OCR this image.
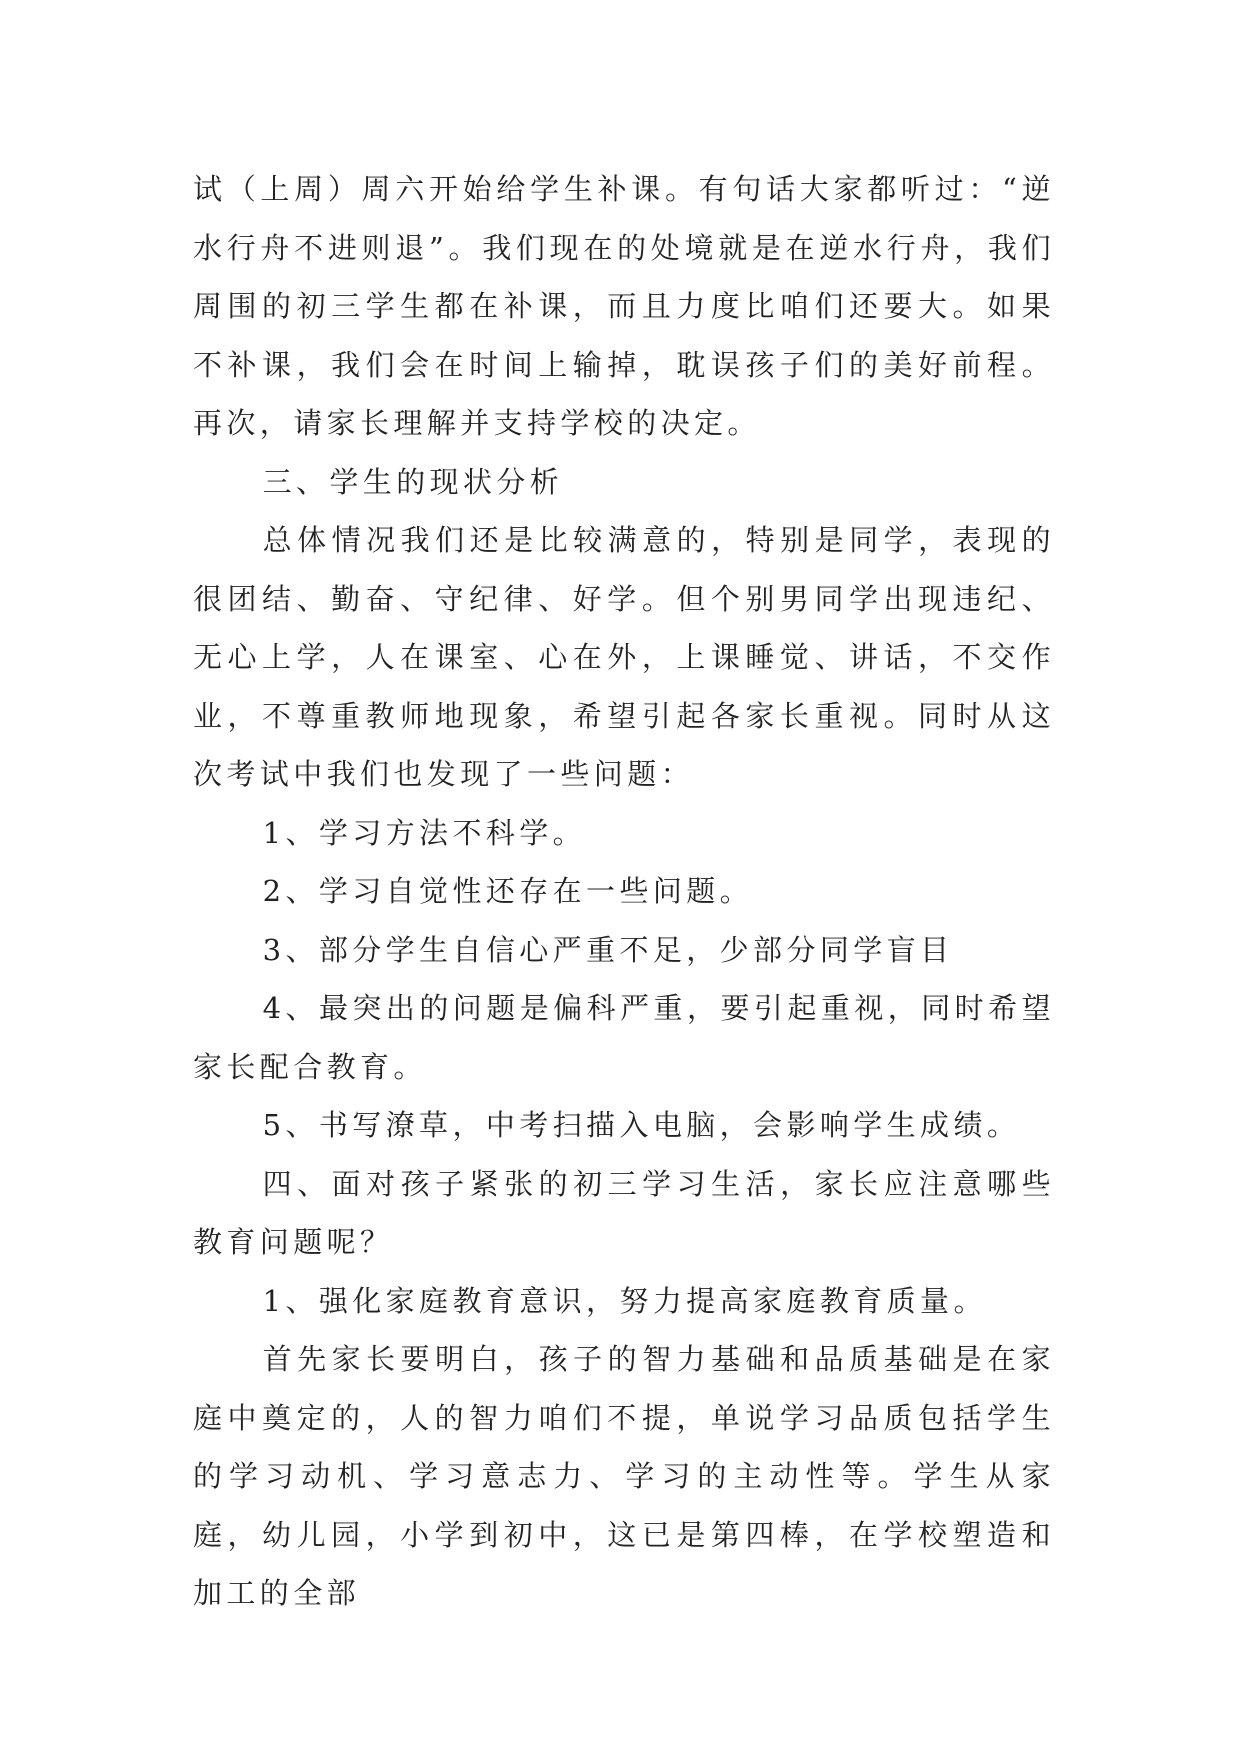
试（上周）周六开始给学生补课。有句话大家都听过：“逆水行舟不进则退”。我们现在的处境就是在逆水行舟，我们周围的初三学生都在补课，而且力度比咱们还要大。如果不补课，我们会在时间上输掉，耽误孩子们的美好前程。再次，请家长理解并支持学校的决定。

三、学生的现状分析

总体情况我们还是比较满意的，特别是同学，表现的很团结、勤奋、守纪律、好学。但个别男同学出现违纪、无心上学，人在课室、心在外，上课睡觉、讲话，不交作业，不尊重教师地现象，希望引起各家长重视。同时从这次考试中我们也发现了一些问题：

1、学习方法不科学。

2、学习自觉性还存在一些问题。

3、部分学生自信心严重不足，少部分同学盲目

4、最突出的问题是偏科严重，要引起重视，同时希望家长配合教育。

5、书写潦草，中考扫描入电脑，会影响学生成绩。

四、面对孩子紧张的初三学习生活，家长应注意哪些教育问题呢？

1、强化家庭教育意识，努力提高家庭教育质量。

首先家长要明白，孩子的智力基础和品质基础是在家庭中奠定的，人的智力咱们不提，单说学习品质包括学生的学习动机、学习意志力、学习的主动性等。学生从家庭，幼儿园，小学到初中，这已是第四棒，在学校塑造和加工的全部
